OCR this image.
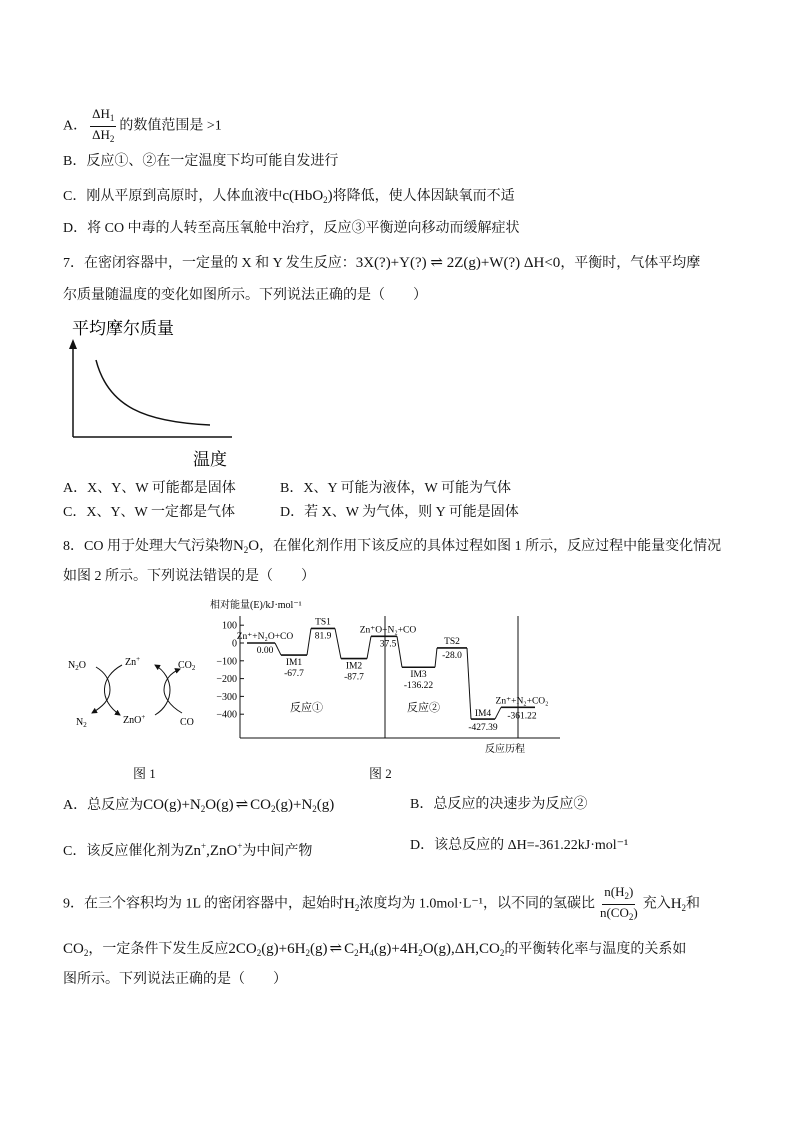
A． $\frac{\Delta H_1}{\Delta H_2}$ 的数值范围是 >1
B．反应①、②在一定温度下均可能自发进行
C．刚从平原到高原时，人体血液中c(HbO$_2$)将降低，使人体因缺氧而不适
D．将 CO 中毒的人转至高压氧舱中治疗，反应③平衡逆向移动而缓解症状
7．在密闭容器中，一定量的 X 和 Y 发生反应：3X(?)+Y(?) ⇌ 2Z(g)+W(?) ΔH<0，平衡时，气体平均摩
尔质量随温度的变化如图所示。下列说法正确的是（　　）
平均摩尔质量
温度
A．X、Y、W 可能都是固体	B．X、Y 可能为液体，W 可能为气体
C．X、Y、W 一定都是气体	D．若 X、W 为气体，则 Y 可能是固体
8．CO 用于处理大气污染物$N_2O$，在催化剂作用下该反应的具体过程如图 1 所示，反应过程中能量变化情况
如图 2 所示。下列说法错误的是（　　）
$N_2O$
$N_2$
Zn+
ZnO+
$CO_2$
CO
图 1
相对能量(E)/kJ·mol⁻¹
100
0
−100
−200
−300
−400
Zn⁺+N₂O+CO
0.00
IM1
-67.7
TS1
81.9
IM2
-87.7
Zn⁺O+N₂+CO
37.5
IM3
-136.22
TS2
-28.0
IM4
-427.39
Zn⁺+N₂+CO₂
-361.22
反应①	反应②
反应历程
图 2
A．总反应为$CO(g)+N_2O(g)$ ⇌ $CO_2(g)+N_2(g)$	B．总反应的决速步为反应②
C．该反应催化剂为Zn+,ZnO+为中间产物	D．该总反应的 ΔH=-361.22kJ·mol⁻¹
9．在三个容积均为 1L 的密闭容器中，起始时$H_2$浓度均为 1.0mol·L⁻¹，以不同的氢碳比 $\frac{n(H_2)}{n(CO_2)}$ 充入$H_2$和
$CO_2$，一定条件下发生反应$2CO_2(g)+6H_2(g)$ ⇌ $C_2H_4(g)+4H_2O(g),\Delta H,CO_2$的平衡转化率与温度的关系如
图所示。下列说法正确的是（　　）
